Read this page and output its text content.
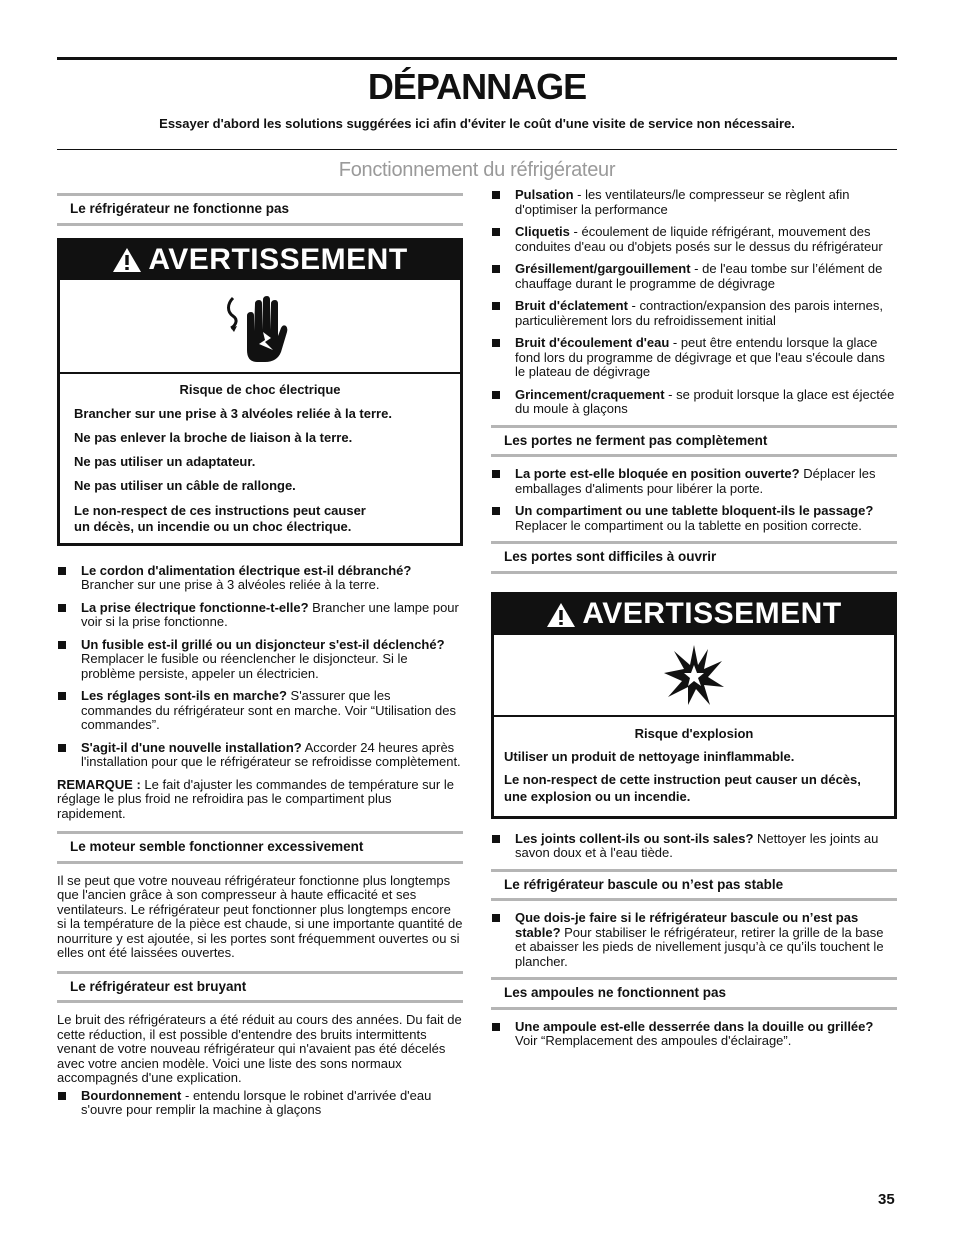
DÉPANNAGE
Essayer d'abord les solutions suggérées ici afin d'éviter le coût d'une visite de service non nécessaire.
Fonctionnement du réfrigérateur
Le réfrigérateur ne fonctionne pas
AVERTISSEMENT

Risque de choc électrique

Brancher sur une prise à 3 alvéoles reliée à la terre.

Ne pas enlever la broche de liaison à la terre.

Ne pas utiliser un adaptateur.

Ne pas utiliser un câble de rallonge.

Le non-respect de ces instructions peut causer

un décès, un incendie ou un choc électrique.

Le cordon d'alimentation électrique est-il débranché? Brancher sur une prise à 3 alvéoles reliée à la terre.
La prise électrique fonctionne-t-elle? Brancher une lampe pour voir si la prise fonctionne.
Un fusible est-il grillé ou un disjoncteur s'est-il déclenché? Remplacer le fusible ou réenclencher le disjoncteur. Si le problème persiste, appeler un électricien.
Les réglages sont-ils en marche? S'assurer que les commandes du réfrigérateur sont en marche. Voir “Utilisation des commandes”.
S'agit-il d'une nouvelle installation? Accorder 24 heures après l'installation pour que le réfrigérateur se refroidisse complètement.

REMARQUE : Le fait d'ajuster les commandes de température sur le réglage le plus froid ne refroidira pas le compartiment plus rapidement.

Le moteur semble fonctionner excessivement

Il se peut que votre nouveau réfrigérateur fonctionne plus longtemps que l'ancien grâce à son compresseur à haute efficacité et ses ventilateurs. Le réfrigérateur peut fonctionner plus longtemps encore si la température de la pièce est chaude, si une importante quantité de nourriture y est ajoutée, si les portes sont fréquemment ouvertes ou si elles ont été laissées ouvertes.

Le réfrigérateur est bruyant

Le bruit des réfrigérateurs a été réduit au cours des années. Du fait de cette réduction, il est possible d'entendre des bruits intermittents venant de votre nouveau réfrigérateur qui n'avaient pas été décelés avec votre ancien modèle. Voici une liste des sons normaux accompagnés d'une explication.

Bourdonnement - entendu lorsque le robinet d'arrivée d'eau s'ouvre pour remplir la machine à glaçons
Pulsation - les ventilateurs/le compresseur se règlent afin d'optimiser la performance
Cliquetis - écoulement de liquide réfrigérant, mouvement des conduites d'eau ou d'objets posés sur le dessus du réfrigérateur
Grésillement/gargouillement - de l'eau tombe sur l’élément de chauffage durant le programme de dégivrage
Bruit d'éclatement - contraction/expansion des parois internes, particulièrement lors du refroidissement initial
Bruit d'écoulement d'eau - peut être entendu lorsque la glace fond lors du programme de dégivrage et que l'eau s'écoule dans le plateau de dégivrage
Grincement/craquement - se produit lorsque la glace est éjectée du moule à glaçons
Les portes ne ferment pas complètement
La porte est-elle bloquée en position ouverte? Déplacer les emballages d'aliments pour libérer la porte.
Un compartiment ou une tablette bloquent-ils le passage? Replacer le compartiment ou la tablette en position correcte.
Les portes sont difficiles à ouvrir
AVERTISSEMENT

Risque d'explosion

Utiliser un produit de nettoyage ininflammable.

Le non-respect de cette instruction peut causer un décès,

une explosion ou un incendie.

Les joints collent-ils ou sont-ils sales? Nettoyer les joints au savon doux et à l'eau tiède.
Le réfrigérateur bascule ou n’est pas stable
Que dois-je faire si le réfrigérateur bascule ou n’est pas stable? Pour stabiliser le réfrigérateur, retirer la grille de la base et abaisser les pieds de nivellement jusqu’à ce qu’ils touchent le plancher.
Les ampoules ne fonctionnent pas
Une ampoule est-elle desserrée dans la douille ou grillée? Voir “Remplacement des ampoules d'éclairage”.
35
